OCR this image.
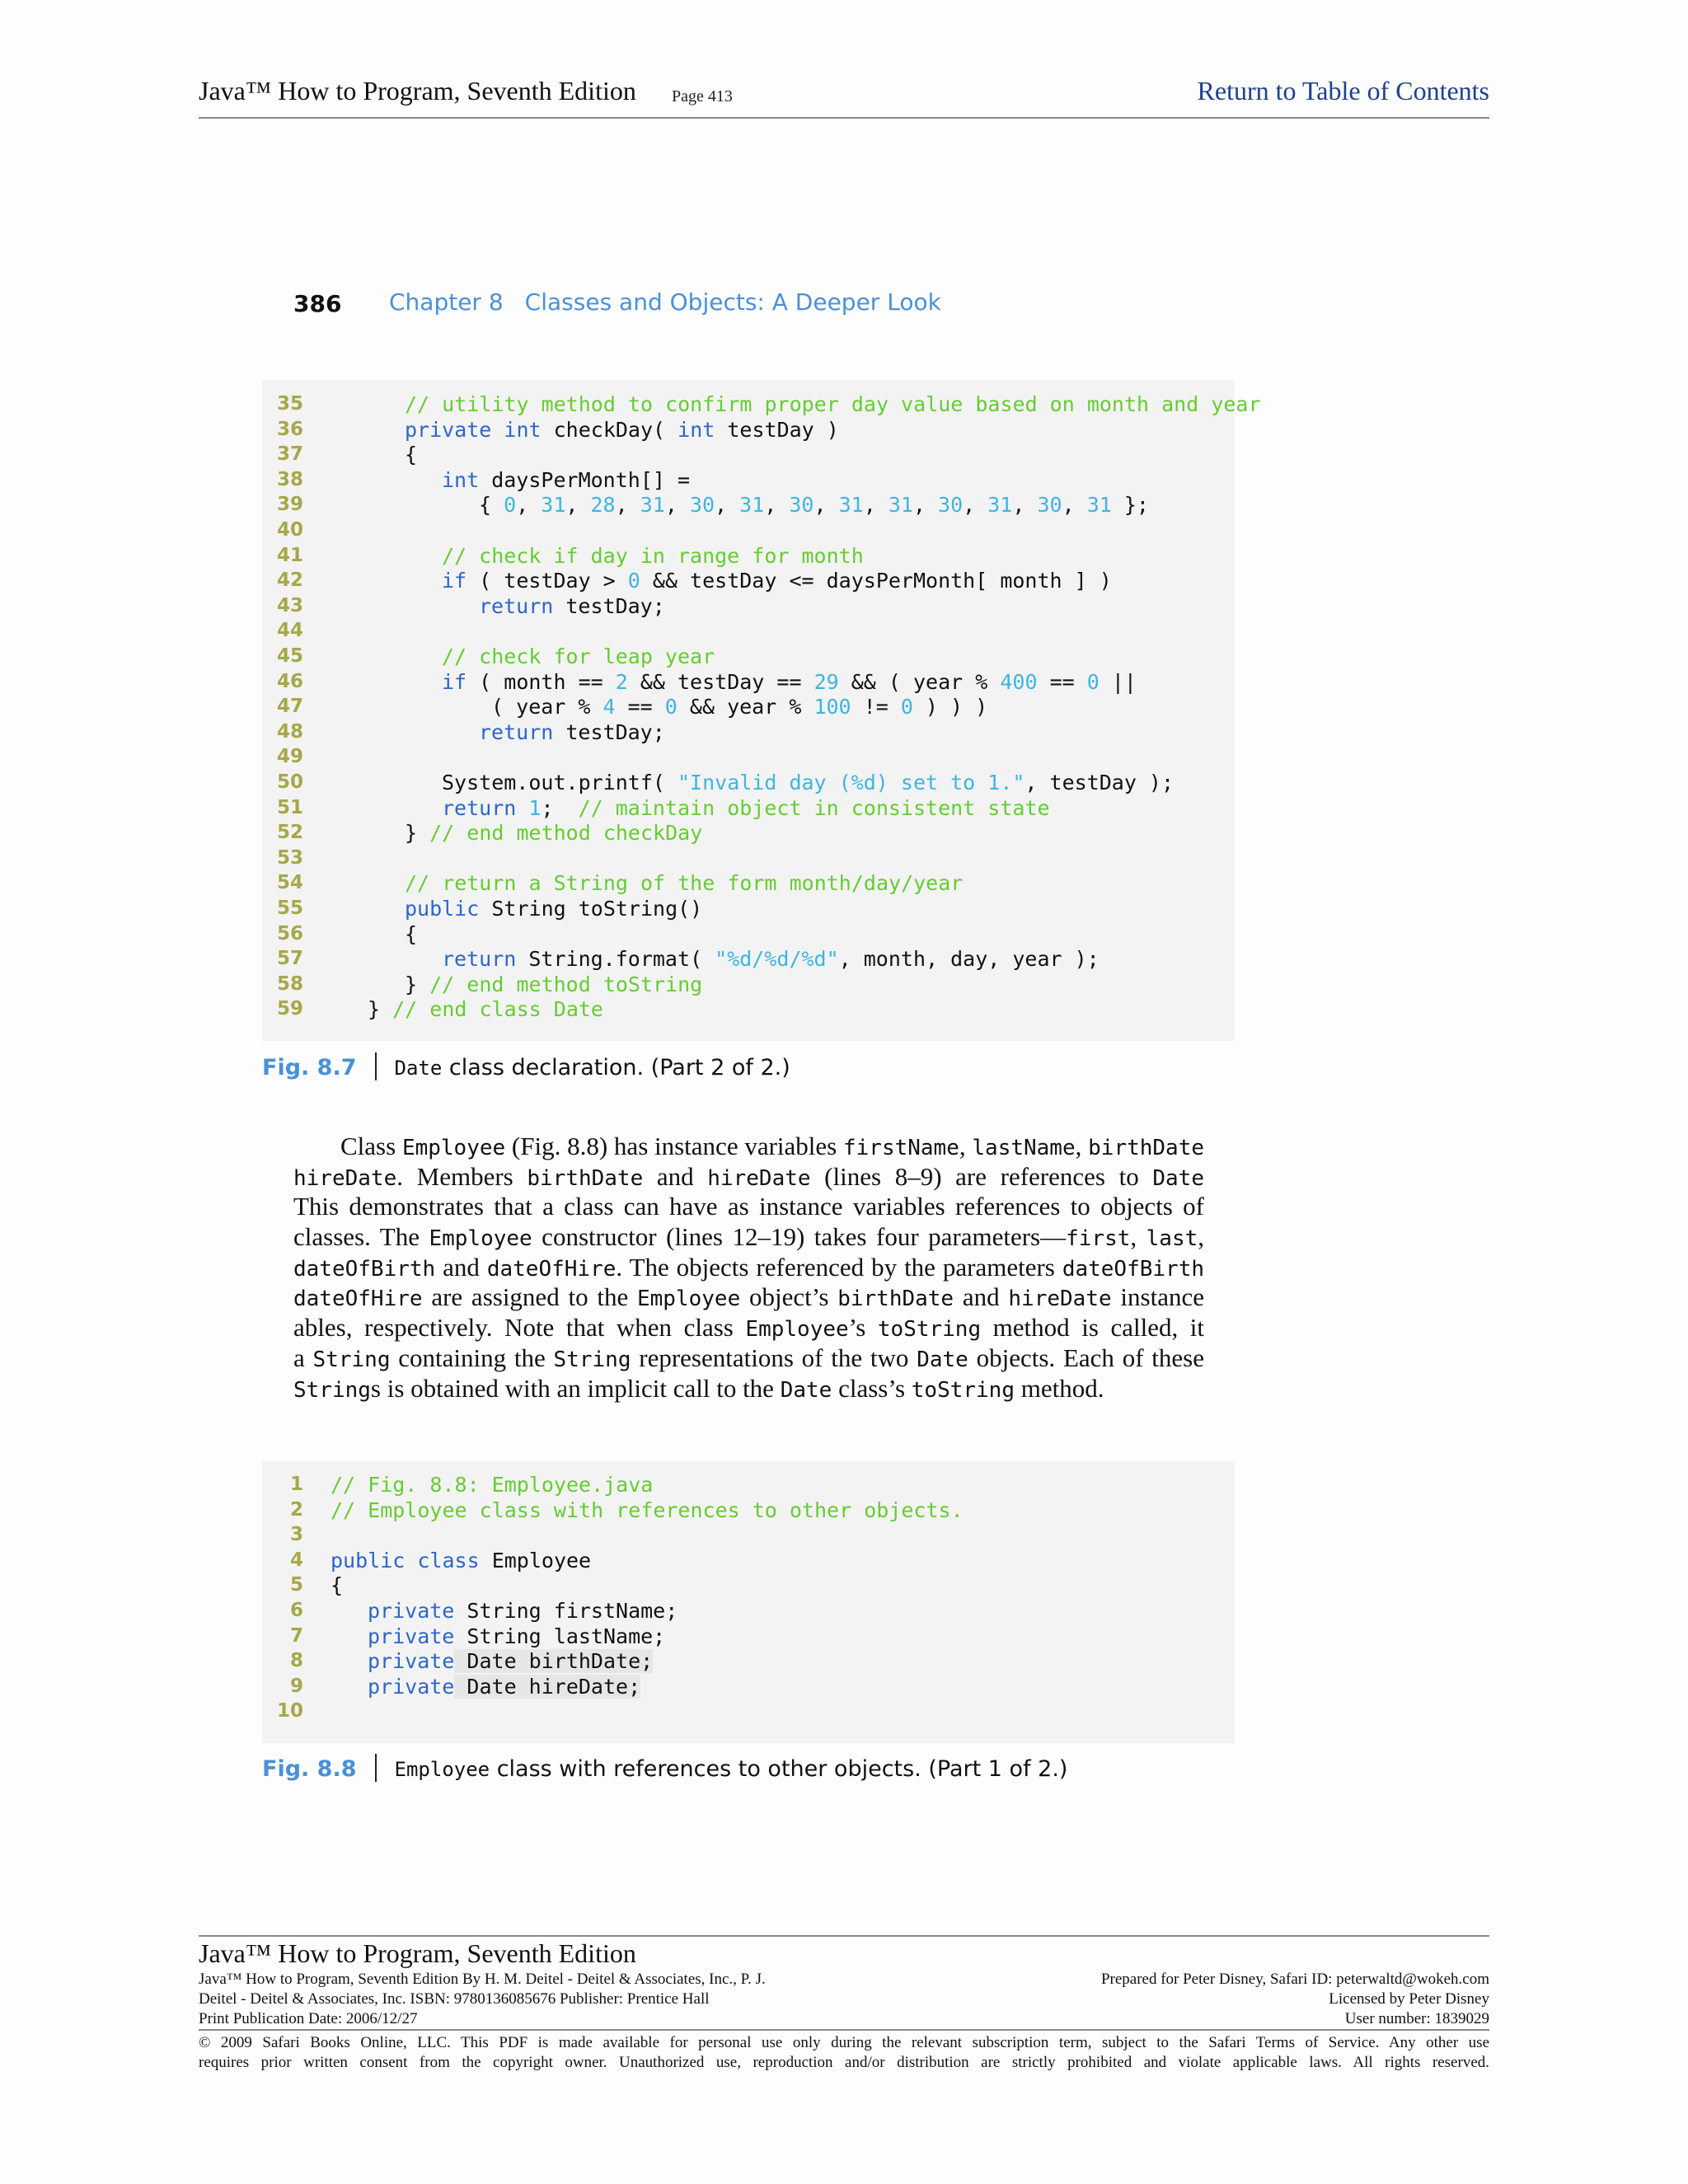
Java™ How to Program, Seventh Edition Page 413	Return to Table of Contents
386 Chapter 8 Classes and Objects: A Deeper Look
35	// utility method to confirm proper day value based on month and year
36	private int checkDay( int testDay )
37	{
38	int daysPerMonth[] =
39	{ 0, 31, 28, 31, 30, 31, 30, 31, 31, 30, 31, 30, 31 };
40
41	// check if day in range for month
42	if ( testDay > 0 && testDay <= daysPerMonth[ month ] )
43	return testDay;
44
45	// check for leap year
46	if ( month == 2 && testDay == 29 && ( year % 400 == 0 ||
47	( year % 4 == 0 && year % 100 != 0 ) ) )
48	return testDay;
49
50	System.out.printf( "Invalid day (%d) set to 1.", testDay );
51	return 1;  // maintain object in consistent state
52	} // end method checkDay
53
54	// return a String of the form month/day/year
55	public String toString()
56	{
57	return String.format( "%d/%d/%d", month, day, year );
58	} // end method toString
59	} // end class Date
Fig. 8.7 Date class declaration. (Part 2 of 2.)
Class Employee (Fig. 8.8) has instance variables firstName, lastName, birthDate
hireDate. Members birthDate and hireDate (lines 8–9) are references to Date
This demonstrates that a class can have as instance variables references to objects of
classes. The Employee constructor (lines 12–19) takes four parameters—first, last,
dateOfBirth and dateOfHire. The objects referenced by the parameters dateOfBirth
dateOfHire are assigned to the Employee object’s birthDate and hireDate instance
ables, respectively. Note that when class Employee’s toString method is called, it
a String containing the String representations of the two Date objects. Each of these
Strings is obtained with an implicit call to the Date class’s toString method.
1 // Fig. 8.8: Employee.java
2 // Employee class with references to other objects.
3
4 public class Employee
5 {
6	private String firstName;
7	private String lastName;
8	private Date birthDate;
9	private Date hireDate;
10
Fig. 8.8 Employee class with references to other objects. (Part 1 of 2.)
Java™ How to Program, Seventh Edition
Java™ How to Program, Seventh Edition By H. M. Deitel - Deitel & Associates, Inc., P. J.
Deitel - Deitel & Associates, Inc. ISBN: 9780136085676 Publisher: Prentice Hall
Print Publication Date: 2006/12/27
Prepared for Peter Disney, Safari ID: peterwaltd@wokeh.com
Licensed by Peter Disney
User number: 1839029
© 2009 Safari Books Online, LLC. This PDF is made available for personal use only during the relevant subscription term, subject to the Safari Terms of Service. Any other use
requires prior written consent from the copyright owner. Unauthorized use, reproduction and/or distribution are strictly prohibited and violate applicable laws. All rights reserved.
